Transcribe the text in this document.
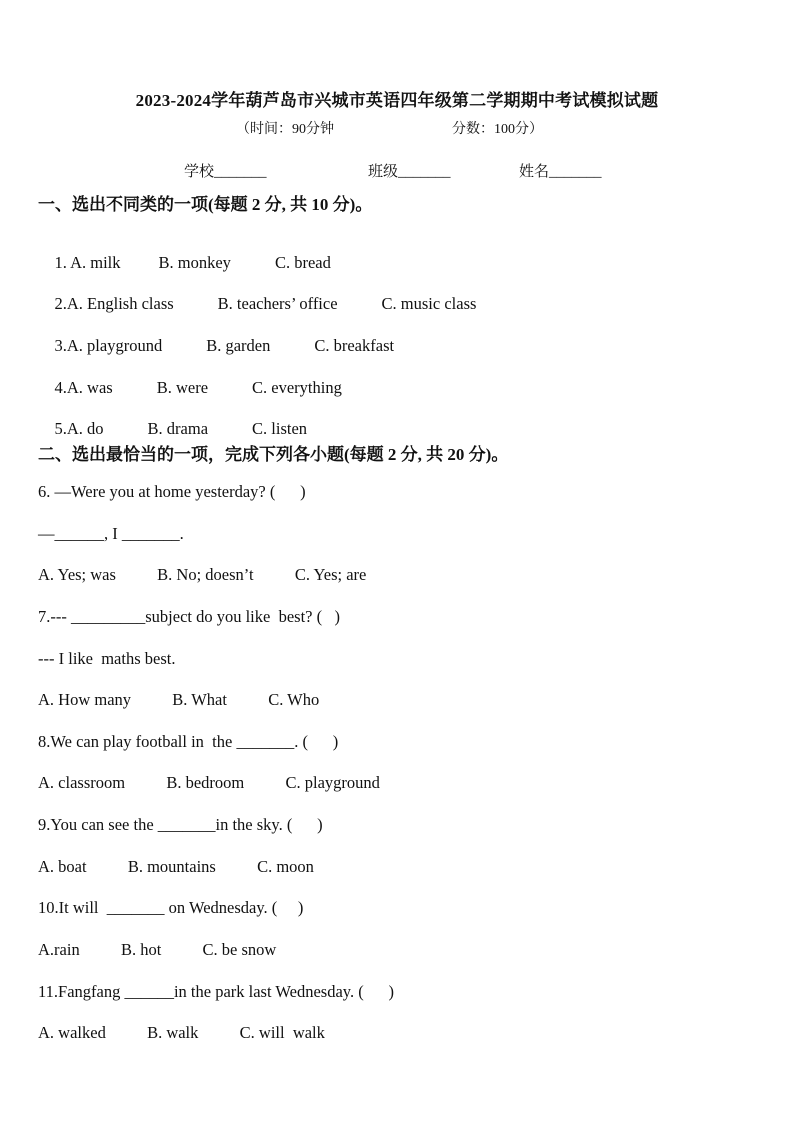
2023-2024学年葫芦岛市兴城市英语四年级第二学期期中考试模拟试题
（时间：90分钟	分数：100分）
学校_______	班级_______	姓名_______
一、选出不同类的一项(每题 2 分, 共 10 分)。

1. A. milk B. monkey	C. bread

2.A. English class	B. teachers’ office	C. music class

3.A. playground	B. garden	C. breakfast

4.A. was	B. were	C. everything

5.A. do	B. drama	C. listen

二、选出最恰当的一项，完成下列各小题(每题 2 分, 共 20 分)。
6. —Were you at home yesterday? (      )
—______, I _______.
A. Yes; was          B. No; doesn’t          C. Yes; are
7.--- _________subject do you like  best? (   )
--- I like  maths best.
A. How many          B. What          C. Who
8.We can play football in  the _______. (      )
A. classroom          B. bedroom          C. playground
9.You can see the _______in the sky. (      )
A. boat          B. mountains          C. moon
10.It will  _______ on Wednesday. (     )
A.rain          B. hot          C. be snow
11.Fangfang ______in the park last Wednesday. (      )
A. walked          B. walk          C. will  walk
